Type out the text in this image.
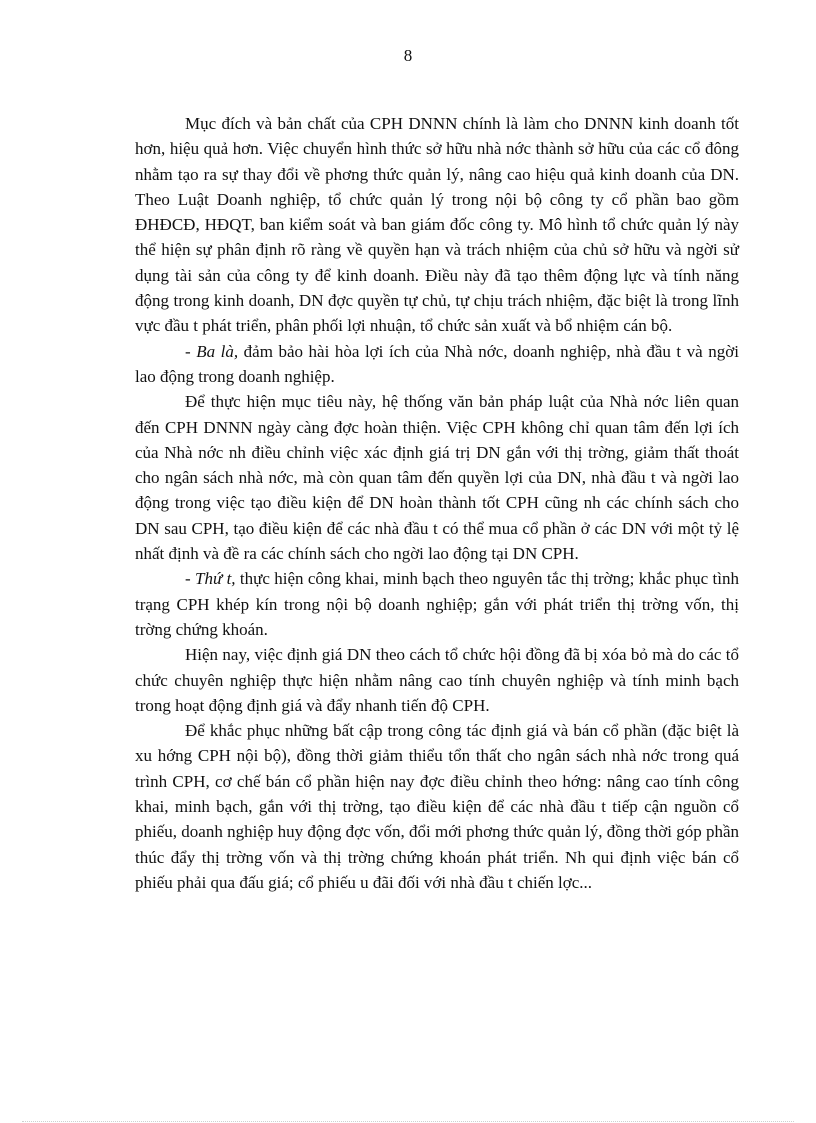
8

Mục đích và bản chất của CPH DNNN chính là làm cho DNNN kinh doanh tốt hơn, hiệu quả hơn. Việc chuyển hình thức sở hữu nhà nớc thành sở hữu của các cổ đông nhằm tạo ra sự thay đổi về phơng thức quản lý, nâng cao hiệu quả kinh doanh của DN. Theo Luật Doanh nghiệp, tổ chức quản lý trong nội bộ công ty cổ phần bao gồm ĐHĐCĐ, HĐQT, ban kiểm soát và ban giám đốc công ty. Mô hình tổ chức quản lý này thể hiện sự phân định rõ ràng về quyền hạn và trách nhiệm của chủ sở hữu và ngời sử dụng tài sản của công ty để kinh doanh. Điều này đã tạo thêm động lực và tính năng động trong kinh doanh, DN đợc quyền tự chủ, tự chịu trách nhiệm, đặc biệt là trong lĩnh vực đầu t phát triển, phân phối lợi nhuận, tổ chức sản xuất và bổ nhiệm cán bộ.

- Ba là, đảm bảo hài hòa lợi ích của Nhà nớc, doanh nghiệp, nhà đầu t và ngời lao động trong doanh nghiệp.

Để thực hiện mục tiêu này, hệ thống văn bản pháp luật của Nhà nớc liên quan đến CPH DNNN ngày càng đợc hoàn thiện. Việc CPH không chỉ quan tâm đến lợi ích của Nhà nớc nh điều chỉnh việc xác định giá trị DN gắn với thị trờng, giảm thất thoát cho ngân sách nhà nớc, mà còn quan tâm đến quyền lợi của DN, nhà đầu t và ngời lao động trong việc tạo điều kiện để DN hoàn thành tốt CPH cũng nh các chính sách cho DN sau CPH, tạo điều kiện để các nhà đầu t có thể mua cổ phần ở các DN với một tỷ lệ nhất định và đề ra các chính sách cho ngời lao động tại DN CPH.

- Thứ t, thực hiện công khai, minh bạch theo nguyên tắc thị trờng; khắc phục tình trạng CPH khép kín trong nội bộ doanh nghiệp; gắn với phát triển thị trờng vốn, thị trờng chứng khoán.

Hiện nay, việc định giá DN theo cách tổ chức hội đồng đã bị xóa bỏ mà do các tổ chức chuyên nghiệp thực hiện nhằm nâng cao tính chuyên nghiệp và tính minh bạch trong hoạt động định giá và đẩy nhanh tiến độ CPH.

Để khắc phục những bất cập trong công tác định giá và bán cổ phần (đặc biệt là xu hớng CPH nội bộ), đồng thời giảm thiểu tổn thất cho ngân sách nhà nớc trong quá trình CPH, cơ chế bán cổ phần hiện nay đợc điều chỉnh theo hớng: nâng cao tính công khai, minh bạch, gắn với thị trờng, tạo điều kiện để các nhà đầu t tiếp cận nguồn cổ phiếu, doanh nghiệp huy động đợc vốn, đổi mới phơng thức quản lý, đồng thời góp phần thúc đẩy thị trờng vốn và thị trờng chứng khoán phát triển. Nh qui định việc bán cổ phiếu phải qua đấu giá; cổ phiếu u đãi đối với nhà đầu t chiến lợc...
